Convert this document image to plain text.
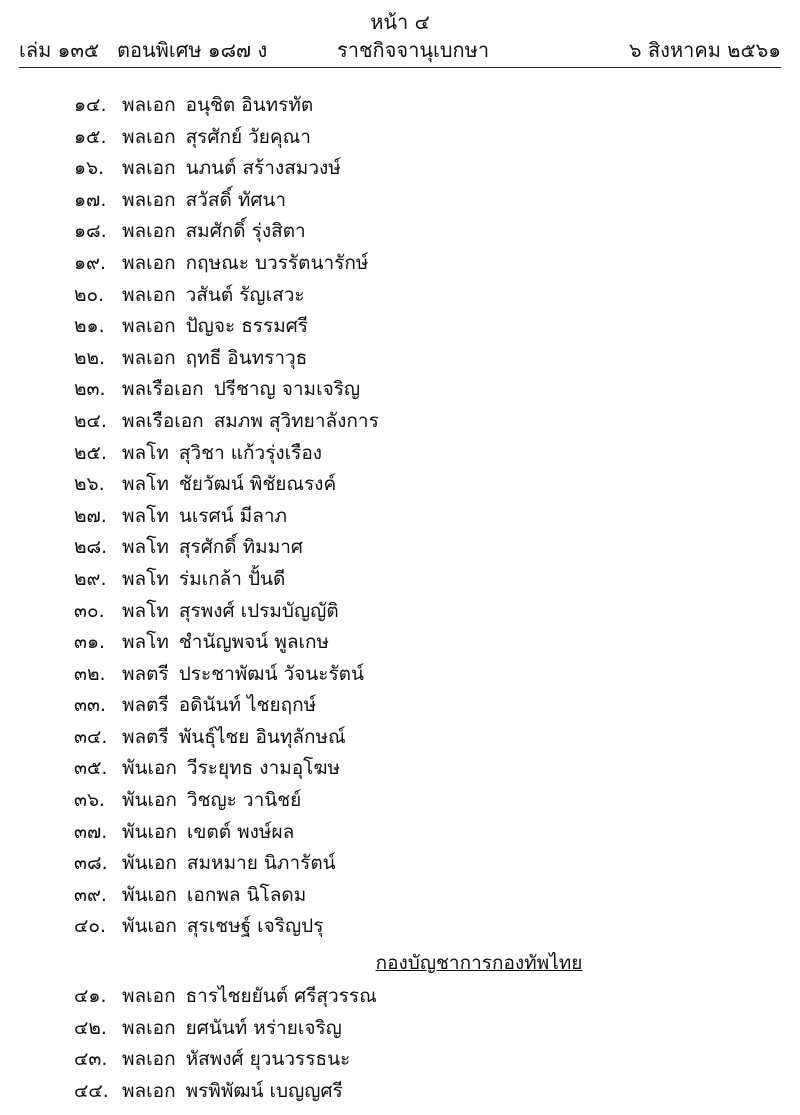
หน้า ๔
เล่ม ๑๓๕ ตอนพิเศษ ๑๘๗ ง	ราชกิจจานุเบกษา	๖ สิงหาคม ๒๕๖๑
๑๔. พลเอก อนุชิต อินทรทัต
๑๕. พลเอก สุรศักย์ วัยคุณา
๑๖. พลเอก นภนต์ สร้างสมวงษ์
๑๗. พลเอก สวัสดิ์ ทัศนา
๑๘. พลเอก สมศักดิ์ รุ่งสิตา
๑๙. พลเอก กฤษณะ บวรรัตนารักษ์
๒๐. พลเอก วสันต์ รัญเสวะ
๒๑. พลเอก ปัญจะ ธรรมศรี
๒๒. พลเอก ฤทธี อินทราวุธ
๒๓. พลเรือเอก ปรีชาญ จามเจริญ
๒๔. พลเรือเอก สมภพ สุวิทยาลังการ
๒๕. พลโท สุวิชา แก้วรุ่งเรือง
๒๖. พลโท ชัยวัฒน์ พิชัยณรงค์
๒๗. พลโท นเรศน์ มีลาภ
๒๘. พลโท สุรศักดิ์ ทิมมาศ
๒๙. พลโท ร่มเกล้า ปั้นดี
๓๐. พลโท สุรพงศ์ เปรมบัญญัติ
๓๑. พลโท ชำนัญพจน์ พูลเกษ
๓๒. พลตรี ประชาพัฒน์ วัจนะรัตน์
๓๓. พลตรี อดินันท์ ไชยฤกษ์
๓๔. พลตรี พันธุ์ไชย อินทุลักษณ์
๓๕. พันเอก วีระยุทธ งามอุโฆษ
๓๖. พันเอก วิชญะ วานิชย์
๓๗. พันเอก เขตต์ พงษ์ผล
๓๘. พันเอก สมหมาย นิภารัตน์
๓๙. พันเอก เอกพล นิโลดม
๔๐. พันเอก สุรเชษฐ์ เจริญปรุ
กองบัญชาการกองทัพไทย
๔๑. พลเอก ธารไชยยันต์ ศรีสุวรรณ
๔๒. พลเอก ยศนันท์ หร่ายเจริญ
๔๓. พลเอก หัสพงศ์ ยุวนวรรธนะ
๔๔. พลเอก พรพิพัฒน์ เบญญศรี
